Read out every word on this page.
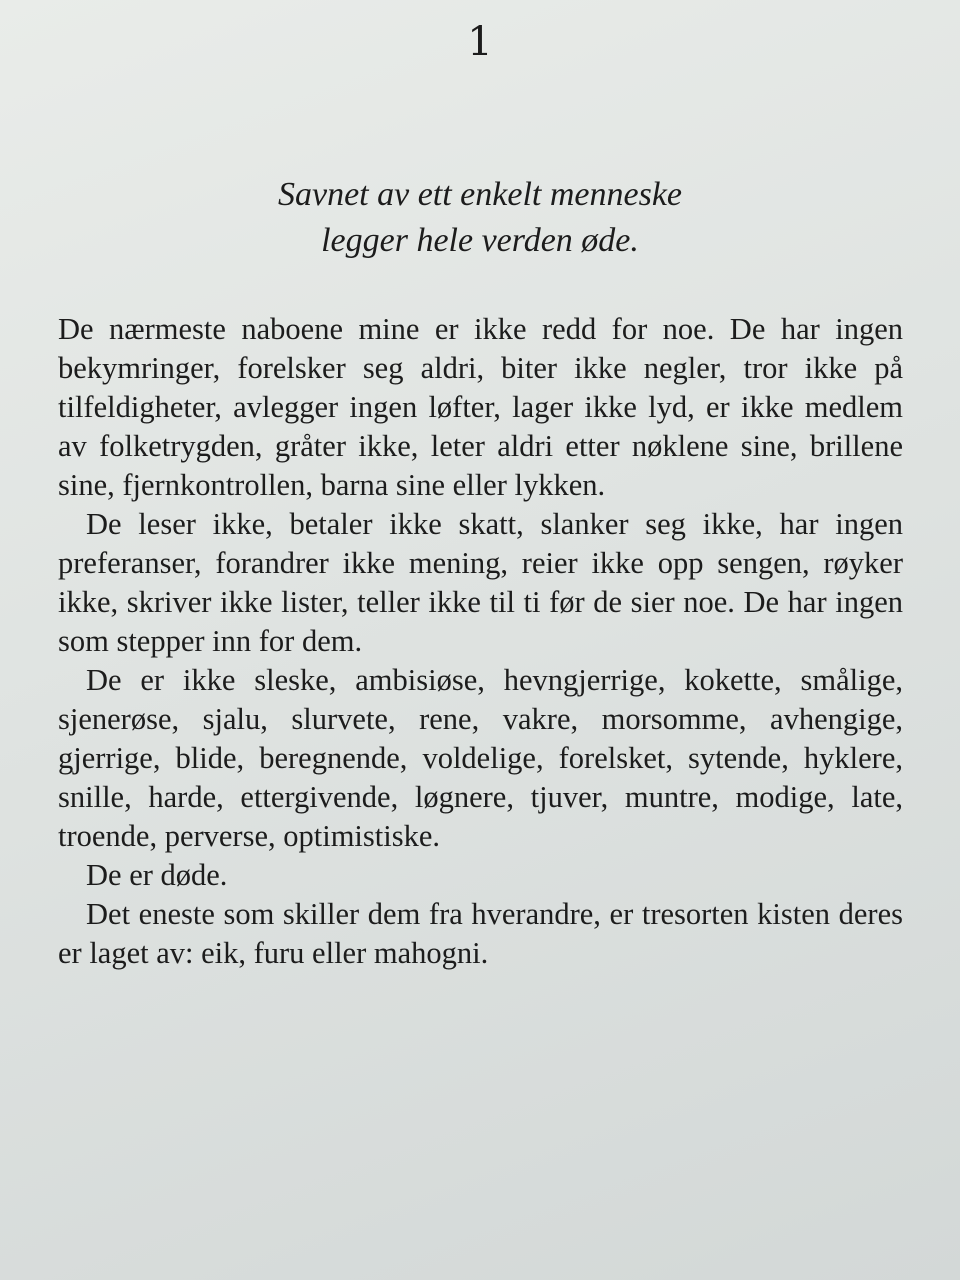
1
Savnet av ett enkelt menneske
legger hele verden øde.

De nærmeste naboene mine er ikke redd for noe. De har ingen bekymringer, forelsker seg aldri, biter ikke negler, tror ikke på tilfeldigheter, avlegger ingen løfter, lager ikke lyd, er ikke medlem av folketrygden, gråter ikke, leter aldri etter nøklene sine, brillene sine, fjernkontrollen, barna sine eller lykken.

De leser ikke, betaler ikke skatt, slanker seg ikke, har ingen preferanser, forandrer ikke mening, reier ikke opp sengen, røyker ikke, skriver ikke lister, teller ikke til ti før de sier noe. De har ingen som stepper inn for dem.

De er ikke sleske, ambisiøse, hevngjerrige, kokette, smålige, sjenerøse, sjalu, slurvete, rene, vakre, morsomme, avhengige, gjerrige, blide, beregnende, voldelige, forelsket, sytende, hyklere, snille, harde, ettergivende, løgnere, tjuver, muntre, modige, late, troende, perverse, optimistiske.

De er døde.

Det eneste som skiller dem fra hverandre, er tresorten kisten deres er laget av: eik, furu eller mahogni.
